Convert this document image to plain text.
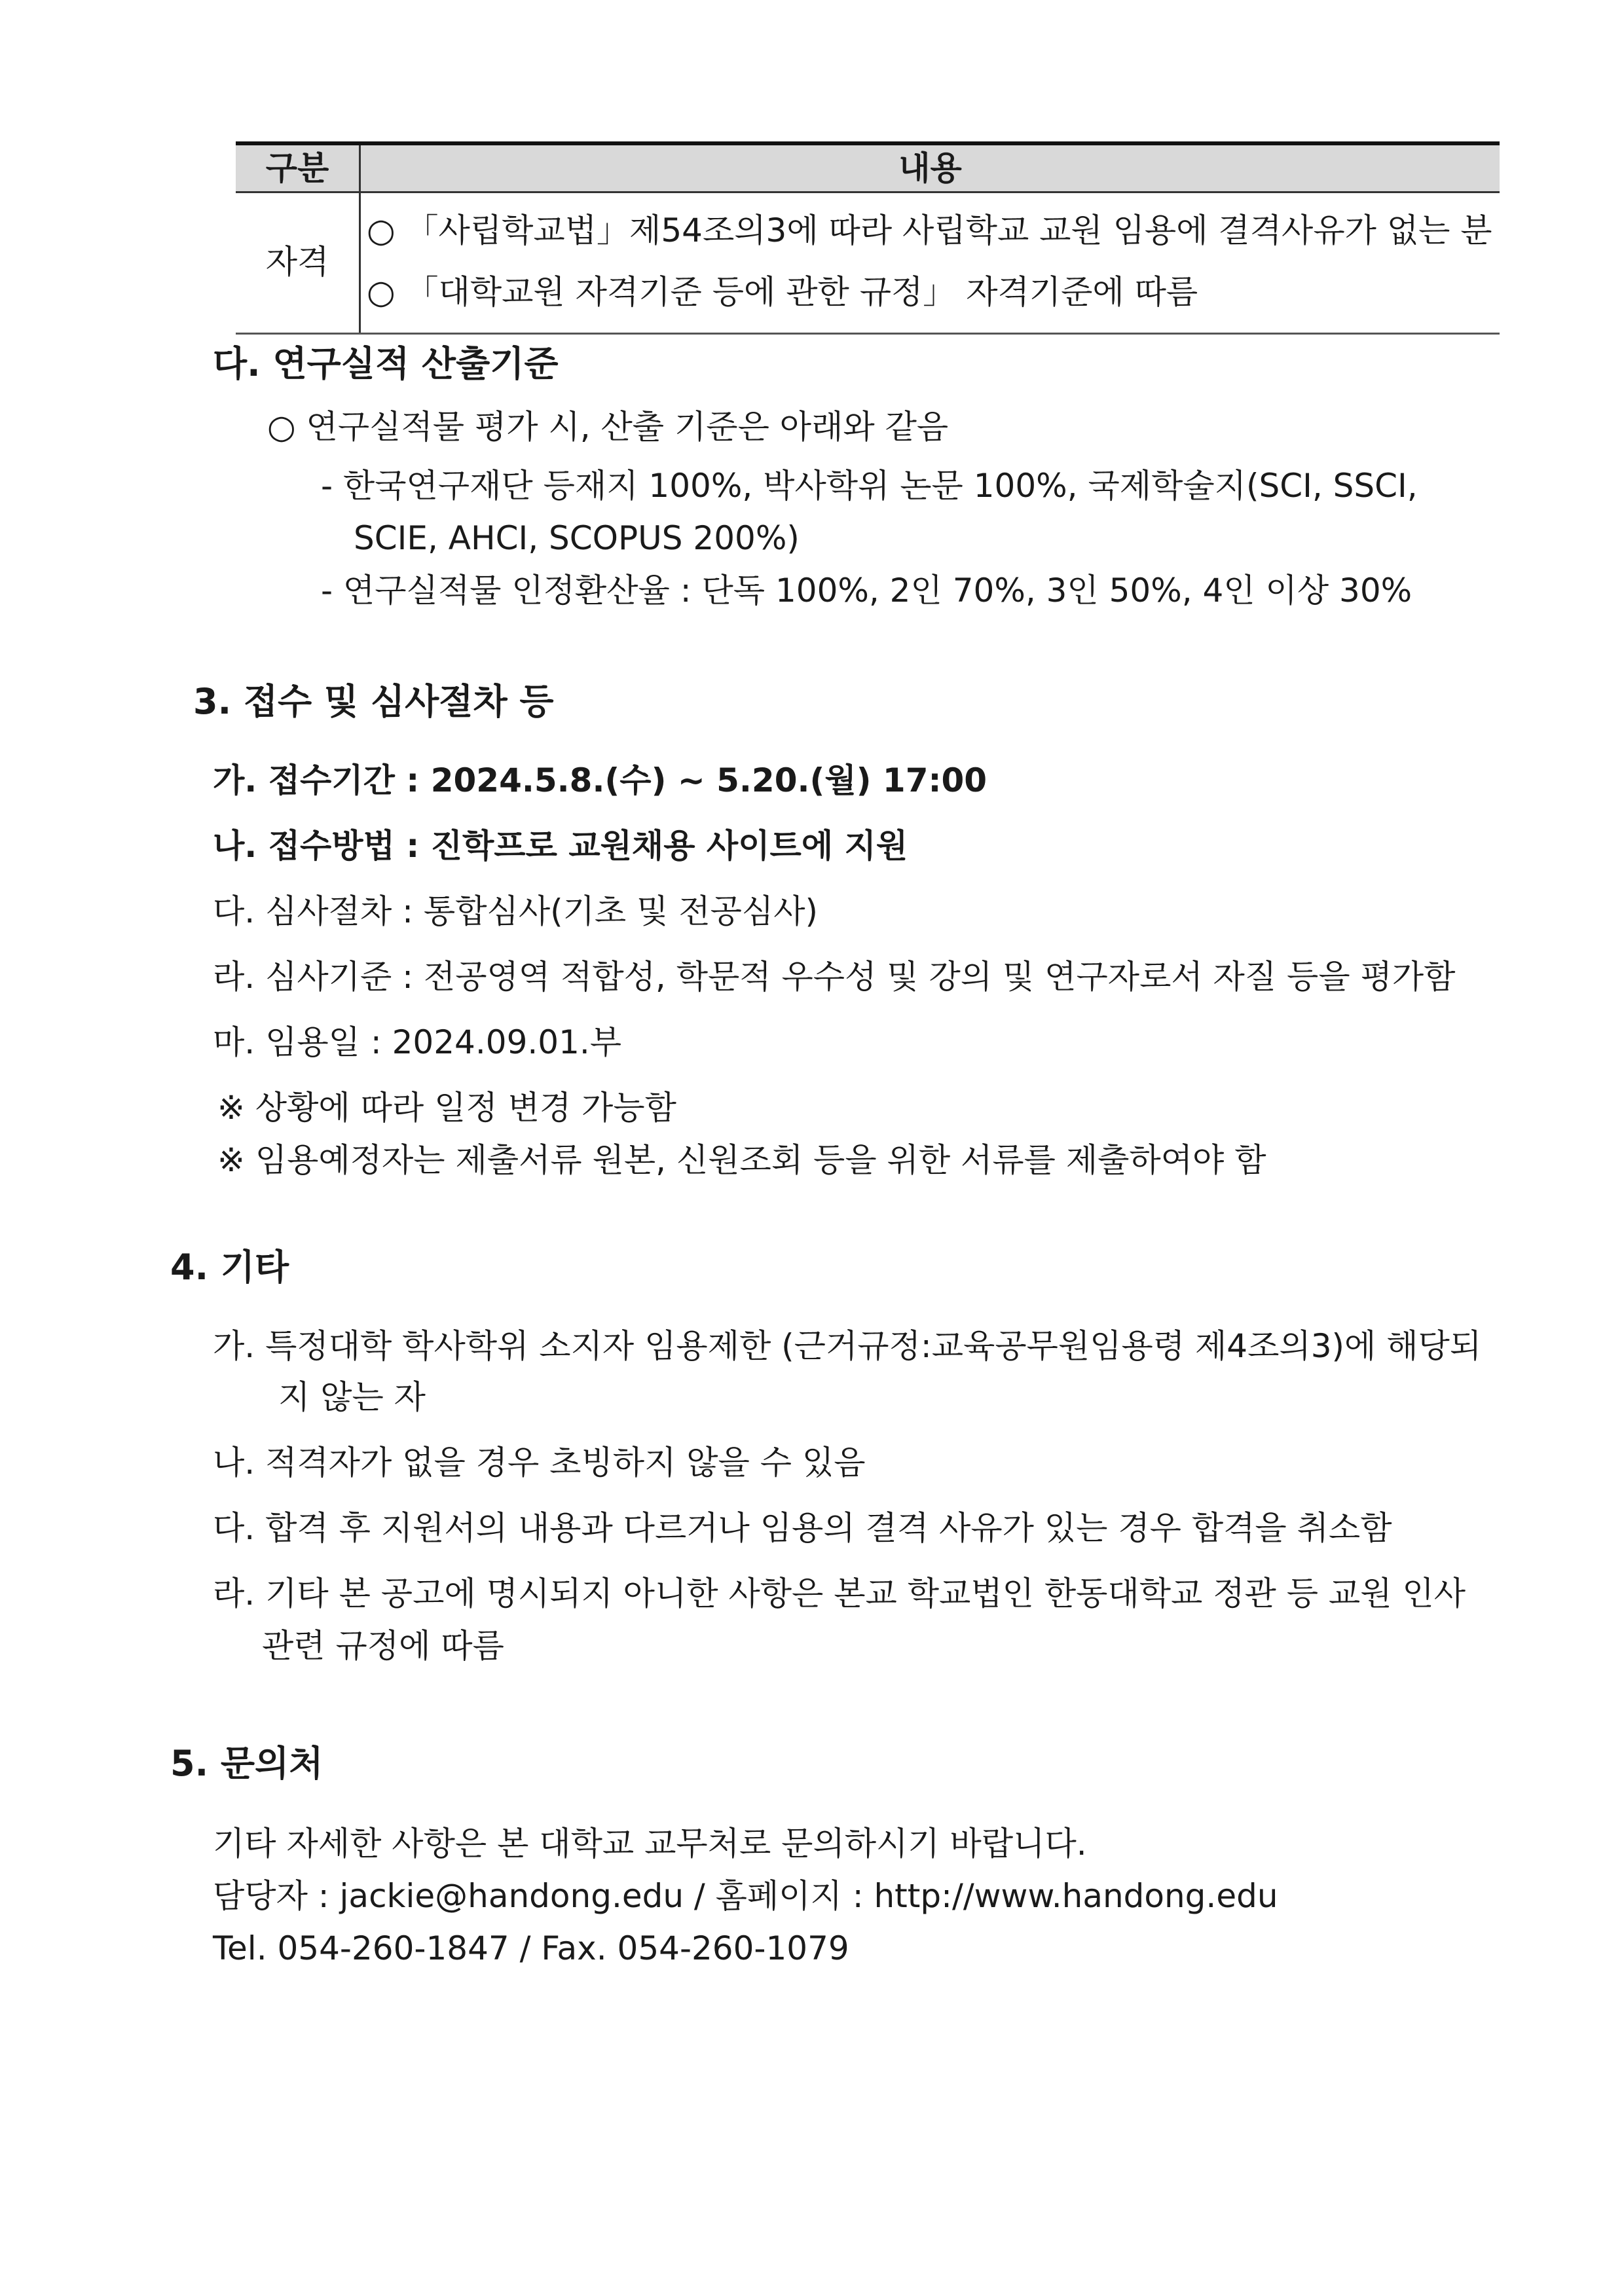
구분	내용
자격
○ 「사립학교법」제54조의3에 따라 사립학교 교원 임용에 결격사유가 없는 분
○ 「대학교원 자격기준 등에 관한 규정」 자격기준에 따름
다. 연구실적 산출기준
○ 연구실적물 평가 시, 산출 기준은 아래와 같음
- 한국연구재단 등재지 100%, 박사학위 논문 100%, 국제학술지(SCI, SSCI,
SCIE, AHCI, SCOPUS 200%)
- 연구실적물 인정환산율 : 단독 100%, 2인 70%, 3인 50%, 4인 이상 30%
3. 접수 및 심사절차 등
가. 접수기간 : 2024.5.8.(수) ~ 5.20.(월) 17:00
나. 접수방법 : 진학프로 교원채용 사이트에 지원
다. 심사절차 : 통합심사(기초 및 전공심사)
라. 심사기준 : 전공영역 적합성, 학문적 우수성 및 강의 및 연구자로서 자질 등을 평가함
마. 임용일 : 2024.09.01.부
※ 상황에 따라 일정 변경 가능함
※ 임용예정자는 제출서류 원본, 신원조회 등을 위한 서류를 제출하여야 함
4. 기타
가. 특정대학 학사학위 소지자 임용제한 (근거규정:교육공무원임용령 제4조의3)에 해당되
지 않는 자
나. 적격자가 없을 경우 초빙하지 않을 수 있음
다. 합격 후 지원서의 내용과 다르거나 임용의 결격 사유가 있는 경우 합격을 취소함
라. 기타 본 공고에 명시되지 아니한 사항은 본교 학교법인 한동대학교 정관 등 교원 인사
관련 규정에 따름
5. 문의처
기타 자세한 사항은 본 대학교 교무처로 문의하시기 바랍니다.
담당자 : jackie@handong.edu / 홈페이지 : http://www.handong.edu
Tel. 054-260-1847 / Fax. 054-260-1079
